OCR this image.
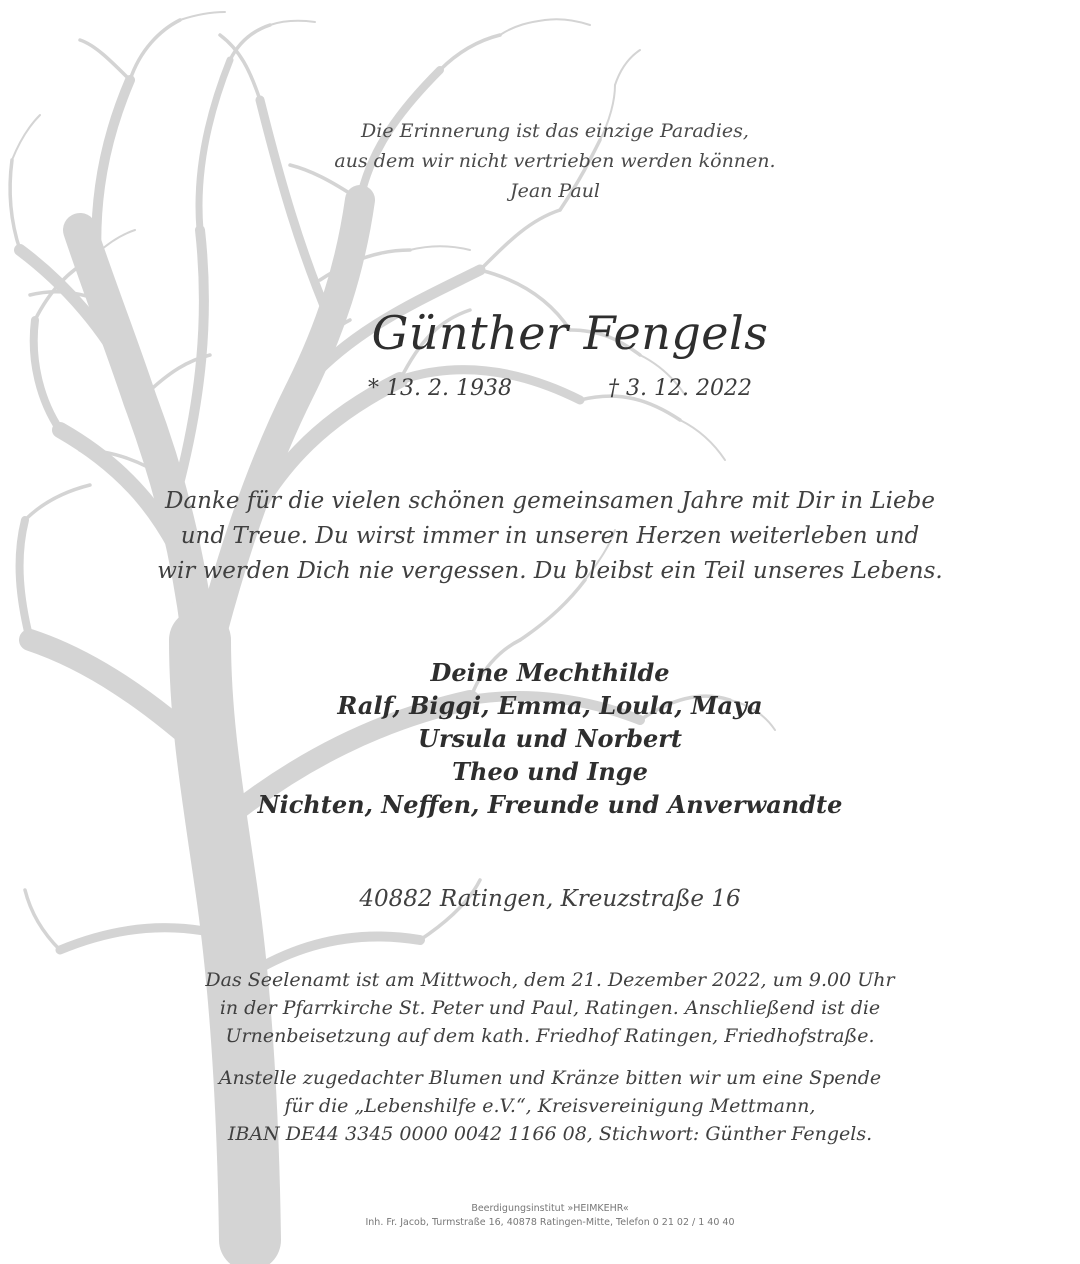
Die Erinnerung ist das einzige Paradies,
aus dem wir nicht vertrieben werden können.
Jean Paul
Günther Fengels
* 13. 2. 1938	† 3. 12. 2022
Danke für die vielen schönen gemeinsamen Jahre mit Dir in Liebe
und Treue. Du wirst immer in unseren Herzen weiterleben und
wir werden Dich nie vergessen. Du bleibst ein Teil unseres Lebens.
Deine Mechthilde
Ralf, Biggi, Emma, Loula, Maya
Ursula und Norbert
Theo und Inge
Nichten, Neffen, Freunde und Anverwandte
40882 Ratingen, Kreuzstraße 16
Das Seelenamt ist am Mittwoch, dem 21. Dezember 2022, um 9.00 Uhr
in der Pfarrkirche St. Peter und Paul, Ratingen. Anschließend ist die
Urnenbeisetzung auf dem kath. Friedhof Ratingen, Friedhofstraße.
Anstelle zugedachter Blumen und Kränze bitten wir um eine Spende
für die „Lebenshilfe e.V.“, Kreisvereinigung Mettmann,
IBAN DE44 3345 0000 0042 1166 08, Stichwort: Günther Fengels.
Beerdigungsinstitut »HEIMKEHR«
Inh. Fr. Jacob, Turmstraße 16, 40878 Ratingen-Mitte, Telefon 0 21 02 / 1 40 40
